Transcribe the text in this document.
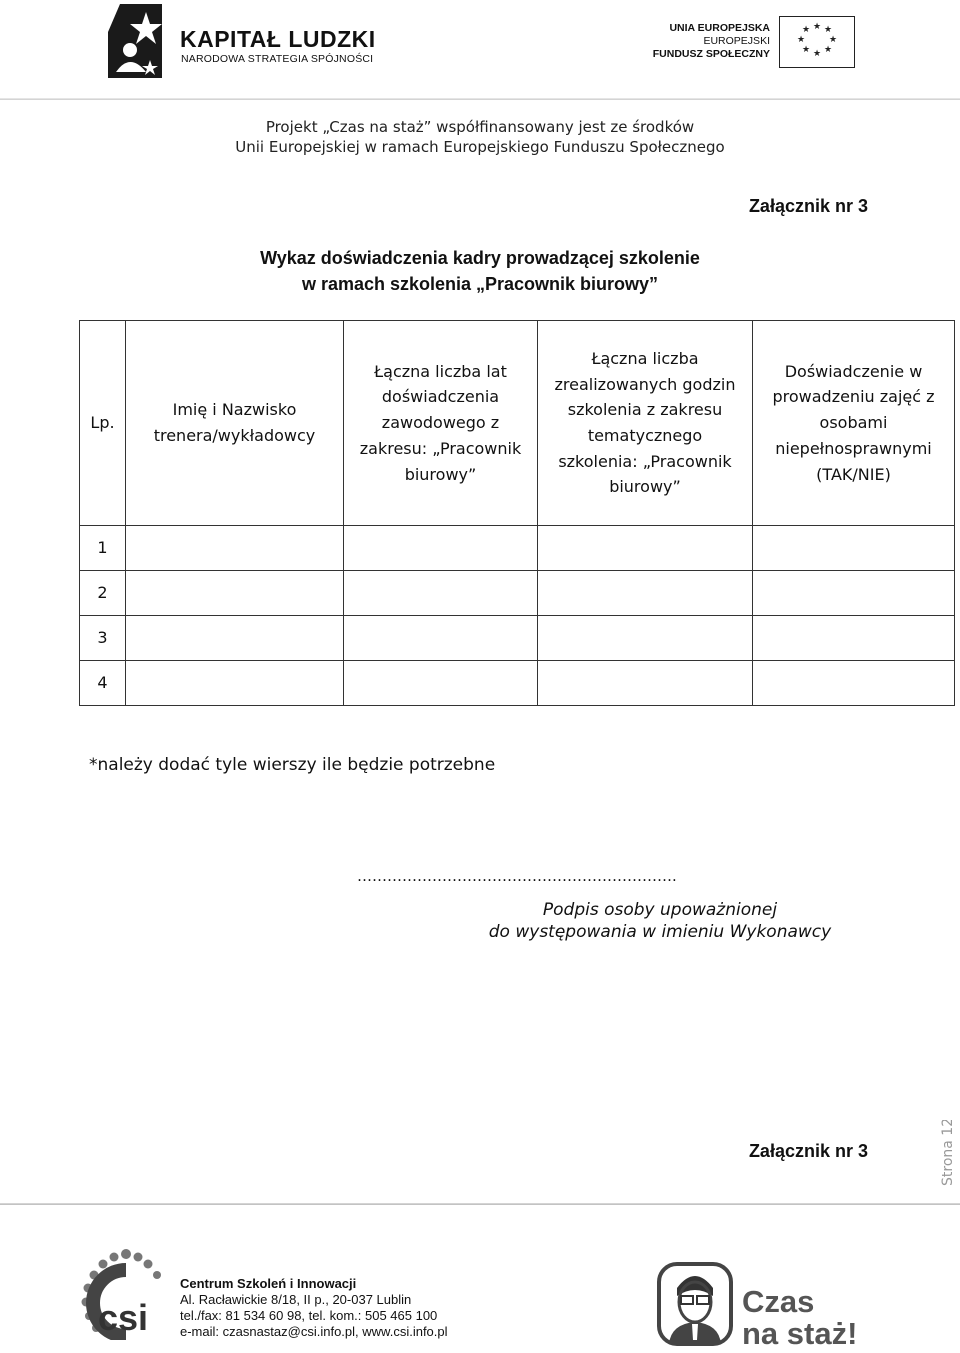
KAPITAŁ LUDZKI
NARODOWA STRATEGIA SPÓJNOŚCI
UNIA EUROPEJSKA
EUROPEJSKI
FUNDUSZ SPOŁECZNY
★ ★
★
★
★
★
★
★
Projekt „Czas na staż” współfinansowany jest ze środków
Unii Europejskiej w ramach Europejskiego Funduszu Społecznego
Załącznik nr 3
Wykaz doświadczenia kadry prowadzącej szkolenie
w ramach szkolenia „Pracownik biurowy”
Lp.	Imię i Nazwisko trenera/wykładowcy	Łączna liczba lat doświadczenia zawodowego z zakresu: „Pracownik biurowy”	Łączna liczba zrealizowanych godzin szkolenia z zakresu tematycznego szkolenia: „Pracownik biurowy”	Doświadczenie w prowadzeniu zajęć z osobami niepełnosprawnymi (TAK/NIE)
1				
2				
3				
4				
*należy dodać tyle wierszy ile będzie potrzebne
……………………………………………………….
Podpis osoby upoważnionej
do występowania w imieniu Wykonawcy
Załącznik nr 3	Strona 12
csi
Centrum Szkoleń i Innowacji
Al. Racławickie 8/18, II p., 20-037 Lublin
tel./fax: 81 534 60 98, tel. kom.: 505 465 100
e-mail: czasnastaz@csi.info.pl, www.csi.info.pl
Czas
na staż!
